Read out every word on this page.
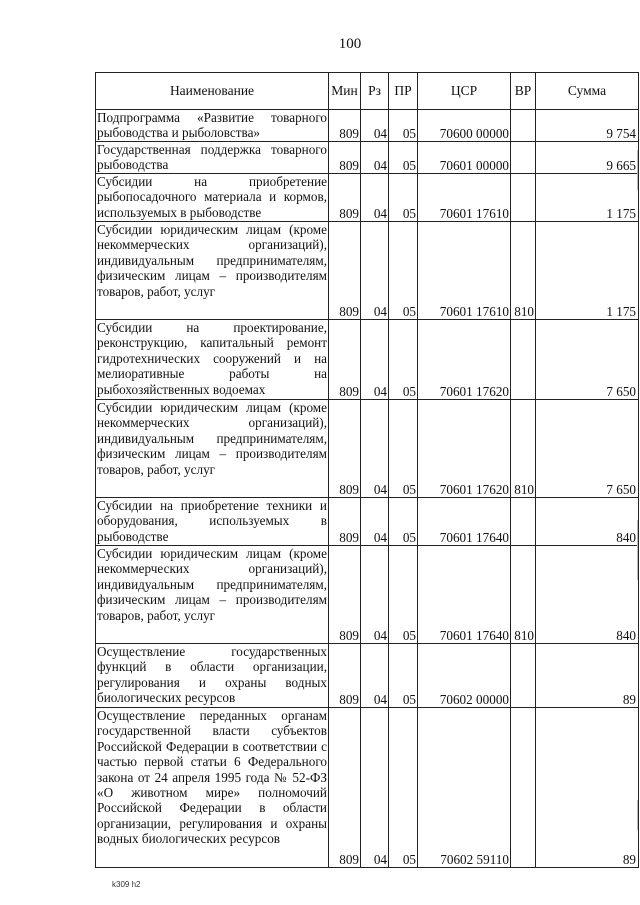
100
Наименование	Мин	Рз	ПР	ЦСР	ВР	Сумма
Подпрограмма «Развитие товарного рыбоводства и рыболовства»	809	04	05	70600 00000		9 754
Государственная поддержка товарного рыбоводства	809	04	05	70601 00000		9 665
Субсидии на приобретение рыбопосадочного материала и кормов, используемых в рыбоводстве	809	04	05	70601 17610		1 175
Субсидии юридическим лицам (кроме некоммерческих организаций), индивидуальным предпринимателям, физическим лицам – производителям товаров, работ, услуг	809	04	05	70601 17610	810	1 175
Субсидии на проектирование, реконструкцию, капитальный ремонт гидротехнических сооружений и на мелиоративные работы на рыбохозяйственных водоемах	809	04	05	70601 17620		7 650
Субсидии юридическим лицам (кроме некоммерческих организаций), индивидуальным предпринимателям, физическим лицам – производителям товаров, работ, услуг	809	04	05	70601 17620	810	7 650
Субсидии на приобретение техники и оборудования, используемых в рыбоводстве	809	04	05	70601 17640		840
Субсидии юридическим лицам (кроме некоммерческих организаций), индивидуальным предпринимателям, физическим лицам – производителям товаров, работ, услуг	809	04	05	70601 17640	810	840
Осуществление государственных функций в области организации, регулирования и охраны водных биологических ресурсов	809	04	05	70602 00000		89
Осуществление переданных органам государственной власти субъектов Российской Федерации в соответствии с частью первой статьи 6 Федерального закона от 24 апреля 1995 года № 52-ФЗ «О животном мире» полномочий Российской Федерации в области организации, регулирования и охраны водных биологических ресурсов	809	04	05	70602 59110		89
k309 h2
